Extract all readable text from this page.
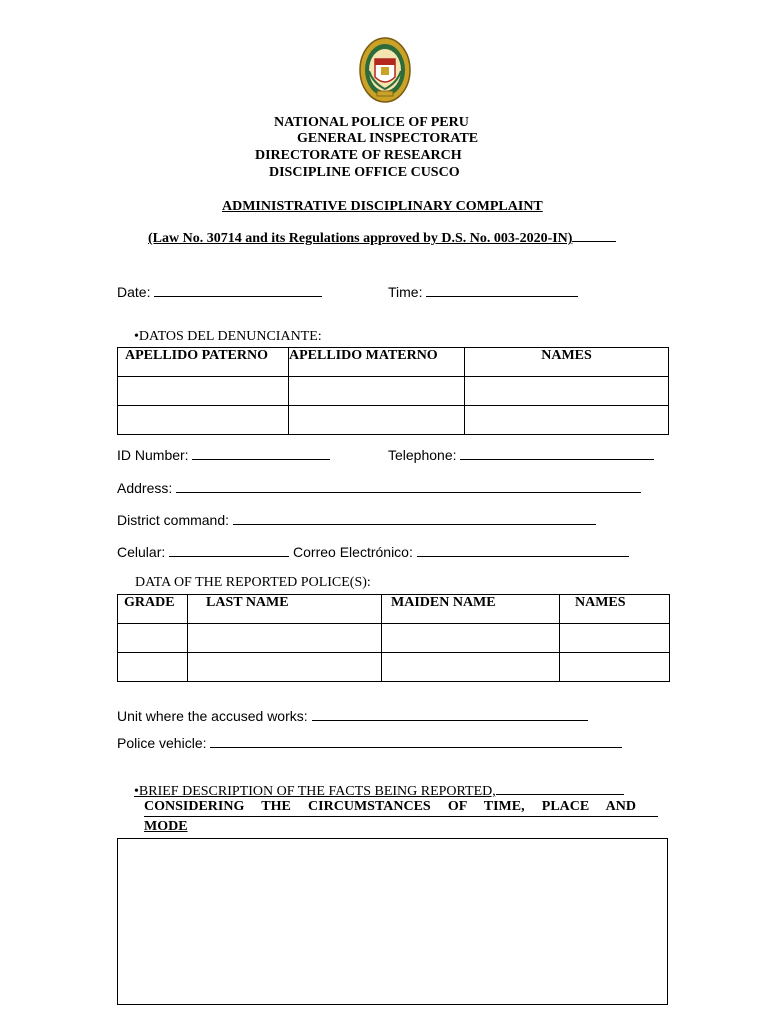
NATIONAL POLICE OF PERU
GENERAL INSPECTORATE
DIRECTORATE OF RESEARCH
DISCIPLINE OFFICE CUSCO
ADMINISTRATIVE DISCIPLINARY COMPLAINT
(Law No. 30714 and its Regulations approved by D.S. No. 003-2020-IN)
Date:	Time:
•DATOS DEL DENUNCIANTE:
APELLIDO PATERNO	APELLIDO MATERNO	NAMES

ID Number:	Telephone:
Address:
District command:
Celular:	Correo Electrónico:
DATA OF THE REPORTED POLICE(S):
GRADE	LAST NAME	MAIDEN NAME	NAMES

Unit where the accused works:
Police vehicle:
•BRIEF DESCRIPTION OF THE FACTS BEING REPORTED,
CONSIDERING THE CIRCUMSTANCES OF TIME, PLACE AND
MODE
